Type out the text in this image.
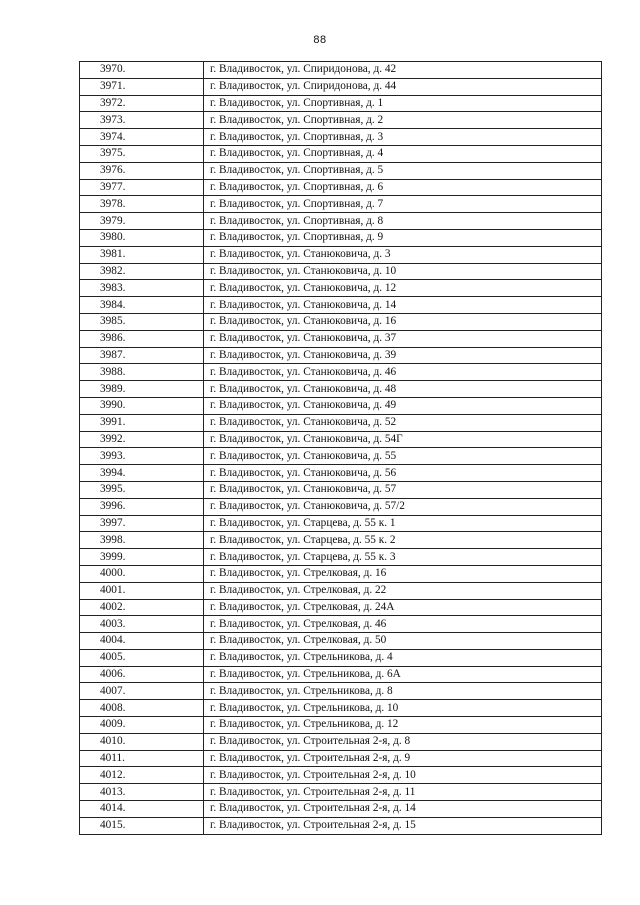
88
3970.	г. Владивосток, ул. Спиридонова, д. 42
3971.	г. Владивосток, ул. Спиридонова, д. 44
3972.	г. Владивосток, ул. Спортивная, д. 1
3973.	г. Владивосток, ул. Спортивная, д. 2
3974.	г. Владивосток, ул. Спортивная, д. 3
3975.	г. Владивосток, ул. Спортивная, д. 4
3976.	г. Владивосток, ул. Спортивная, д. 5
3977.	г. Владивосток, ул. Спортивная, д. 6
3978.	г. Владивосток, ул. Спортивная, д. 7
3979.	г. Владивосток, ул. Спортивная, д. 8
3980.	г. Владивосток, ул. Спортивная, д. 9
3981.	г. Владивосток, ул. Станюковича, д. 3
3982.	г. Владивосток, ул. Станюковича, д. 10
3983.	г. Владивосток, ул. Станюковича, д. 12
3984.	г. Владивосток, ул. Станюковича, д. 14
3985.	г. Владивосток, ул. Станюковича, д. 16
3986.	г. Владивосток, ул. Станюковича, д. 37
3987.	г. Владивосток, ул. Станюковича, д. 39
3988.	г. Владивосток, ул. Станюковича, д. 46
3989.	г. Владивосток, ул. Станюковича, д. 48
3990.	г. Владивосток, ул. Станюковича, д. 49
3991.	г. Владивосток, ул. Станюковича, д. 52
3992.	г. Владивосток, ул. Станюковича, д. 54Г
3993.	г. Владивосток, ул. Станюковича, д. 55
3994.	г. Владивосток, ул. Станюковича, д. 56
3995.	г. Владивосток, ул. Станюковича, д. 57
3996.	г. Владивосток, ул. Станюковича, д. 57/2
3997.	г. Владивосток, ул. Старцева, д. 55 к. 1
3998.	г. Владивосток, ул. Старцева, д. 55 к. 2
3999.	г. Владивосток, ул. Старцева, д. 55 к. 3
4000.	г. Владивосток, ул. Стрелковая, д. 16
4001.	г. Владивосток, ул. Стрелковая, д. 22
4002.	г. Владивосток, ул. Стрелковая, д. 24А
4003.	г. Владивосток, ул. Стрелковая, д. 46
4004.	г. Владивосток, ул. Стрелковая, д. 50
4005.	г. Владивосток, ул. Стрельникова, д. 4
4006.	г. Владивосток, ул. Стрельникова, д. 6А
4007.	г. Владивосток, ул. Стрельникова, д. 8
4008.	г. Владивосток, ул. Стрельникова, д. 10
4009.	г. Владивосток, ул. Стрельникова, д. 12
4010.	г. Владивосток, ул. Строительная 2-я, д. 8
4011.	г. Владивосток, ул. Строительная 2-я, д. 9
4012.	г. Владивосток, ул. Строительная 2-я, д. 10
4013.	г. Владивосток, ул. Строительная 2-я, д. 11
4014.	г. Владивосток, ул. Строительная 2-я, д. 14
4015.	г. Владивосток, ул. Строительная 2-я, д. 15
